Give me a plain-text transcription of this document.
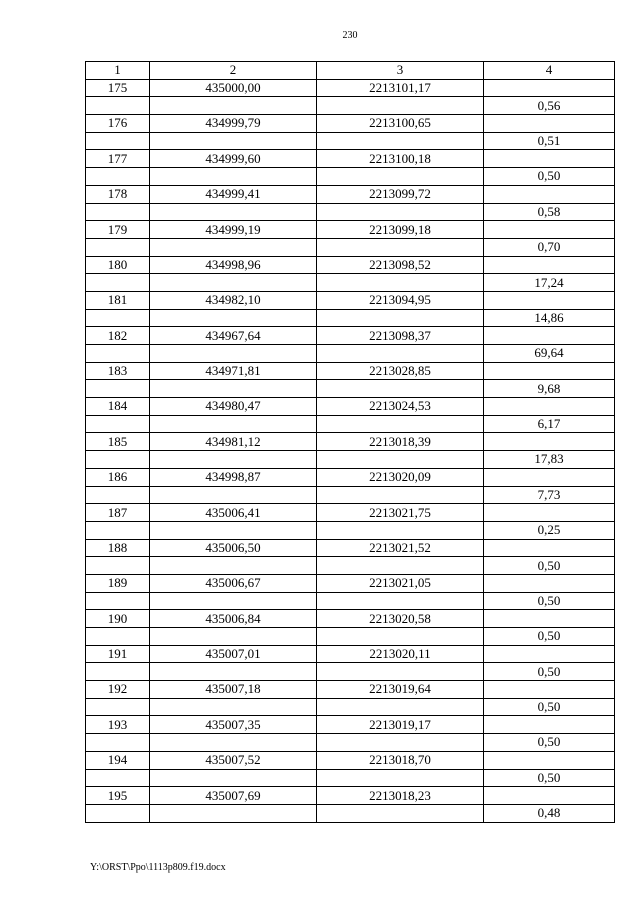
230
1	2	3	4
175	435000,00	2213101,17	
			0,56
176	434999,79	2213100,65	
			0,51
177	434999,60	2213100,18	
			0,50
178	434999,41	2213099,72	
			0,58
179	434999,19	2213099,18	
			0,70
180	434998,96	2213098,52	
			17,24
181	434982,10	2213094,95	
			14,86
182	434967,64	2213098,37	
			69,64
183	434971,81	2213028,85	
			9,68
184	434980,47	2213024,53	
			6,17
185	434981,12	2213018,39	
			17,83
186	434998,87	2213020,09	
			7,73
187	435006,41	2213021,75	
			0,25
188	435006,50	2213021,52	
			0,50
189	435006,67	2213021,05	
			0,50
190	435006,84	2213020,58	
			0,50
191	435007,01	2213020,11	
			0,50
192	435007,18	2213019,64	
			0,50
193	435007,35	2213019,17	
			0,50
194	435007,52	2213018,70	
			0,50
195	435007,69	2213018,23	
			0,48
Y:\ORST\Ppo\1113p809.f19.docx
